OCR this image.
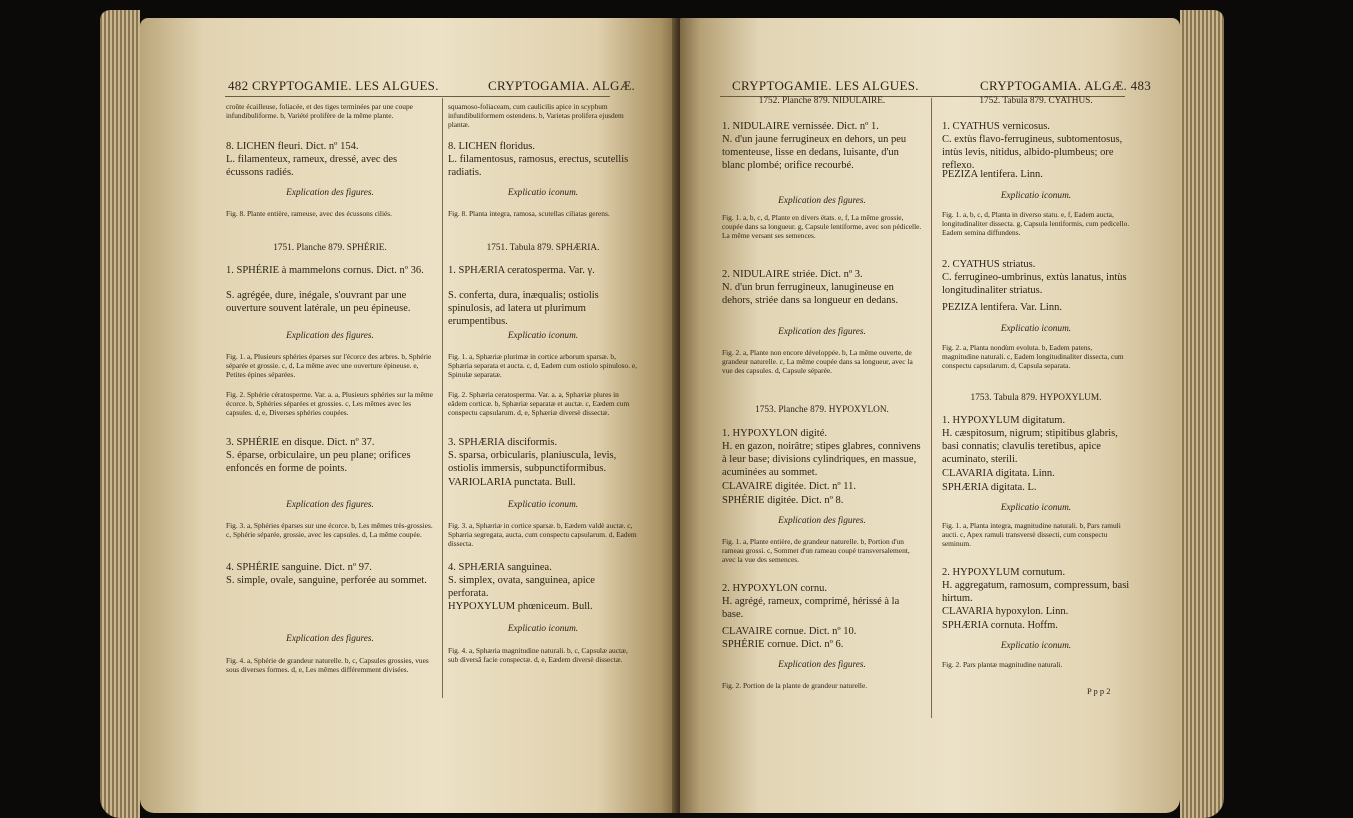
482 CRYPTOGAMIE. LES ALGUES.	CRYPTOGAMIA. ALGÆ.
croûte écailleuse, foliacée, et des tiges terminées par une coupe infundibuliforme. b, Variété prolifère de la même plante.
8. LICHEN fleuri. Dict. nº 154.
L. filamenteux, rameux, dressé, avec des écussons radiés.
Explication des figures.
Fig. 8. Plante entière, rameuse, avec des écussons ciliés.
1751. Planche 879. SPHÉRIE.
1. SPHÉRIE à mammelons cornus. Dict. nº 36.
S. agrégée, dure, inégale, s'ouvrant par une ouverture souvent latérale, un peu épineuse.
Explication des figures.
Fig. 1. a, Plusieurs sphéries éparses sur l'écorce des arbres. b, Sphérie séparée et grossie. c, d, La même avec une ouverture épineuse. e, Petites épines séparées.
Fig. 2. Sphérie cératosperme. Var. a. a, Plusieurs sphéries sur la même écorce. b, Sphéries séparées et grossies. c, Les mêmes avec les capsules. d, e, Diverses sphéries coupées.
3. SPHÉRIE en disque. Dict. nº 37.
S. éparse, orbiculaire, un peu plane; orifices enfoncés en forme de points.
Explication des figures.
Fig. 3. a, Sphéries éparses sur une écorce. b, Les mêmes très-grossies. c, Sphérie séparée, grossie, avec les capsules. d, La même coupée.
4. SPHÉRIE sanguine. Dict. nº 97.
S. simple, ovale, sanguine, perforée au sommet.
Explication des figures.
Fig. 4. a, Sphérie de grandeur naturelle. b, c, Capsules grossies, vues sous diverses formes. d, e, Les mêmes différemment divisées.
squamoso-foliaceam, cum caulicilis apice in scyphum infundibuliformem ostendens. b, Varietas prolifera ejusdem plantæ.
8. LICHEN floridus.
L. filamentosus, ramosus, erectus, scutellis radiatis.
Explicatio iconum.
Fig. 8. Planta integra, ramosa, scutellas ciliatas gerens.
1751. Tabula 879. SPHÆRIA.
1. SPHÆRIA ceratosperma. Var. γ.
S. conferta, dura, inæqualis; ostiolis spinulosis, ad latera ut plurimum erumpentibus.
Explicatio iconum.
Fig. 1. a, Sphæriæ plurimæ in cortice arborum sparsæ. b, Sphæria separata et aucta. c, d, Eadem cum ostiolo spinuloso. e, Spinulæ separatæ.
Fig. 2. Sphæria ceratosperma. Var. a. a, Sphæriæ plures in eâdem corticæ. b, Sphæriæ separatæ et auctæ. c, Eædem cum conspectu capsularum. d, e, Sphæriæ diversè dissectæ.
3. SPHÆRIA disciformis.
S. sparsa, orbicularis, planiuscula, levis, ostiolis immersis, subpunctiformibus.
VARIOLARIA punctata. Bull.
Explicatio iconum.
Fig. 3. a, Sphæriæ in cortice sparsæ. b, Eædem valdè auctæ. c, Sphæria segregata, aucta, cum conspectu capsularum. d, Eadem dissecta.
4. SPHÆRIA sanguinea.
S. simplex, ovata, sanguinea, apice perforata.
HYPOXYLUM phœniceum. Bull.
Explicatio iconum.
Fig. 4. a, Sphæria magnitudine naturali. b, c, Capsulæ auctæ, sub diversâ facie conspectæ. d, e, Eædem diversè dissectæ.
CRYPTOGAMIE. LES ALGUES.	CRYPTOGAMIA. ALGÆ. 483
1752. Planche 879. NIDULAIRE.
1. NIDULAIRE vernissée. Dict. nº 1.
N. d'un jaune ferrugineux en dehors, un peu tomenteuse, lisse en dedans, luisante, d'un blanc plombé; orifice recourbé.
Explication des figures.
Fig. 1. a, b, c, d, Plante en divers états. e, f, La même grossie, coupée dans sa longueur. g, Capsule lentiforme, avec son pédicelle. La même versant ses semences.
2. NIDULAIRE striée. Dict. nº 3.
N. d'un brun ferrugineux, lanugineuse en dehors, striée dans sa longueur en dedans.
Explication des figures.
Fig. 2. a, Plante non encore développée. b, La même ouverte, de grandeur naturelle. c, La même coupée dans sa longueur, avec la vue des capsules. d, Capsule séparée.
1753. Planche 879. HYPOXYLON.
1. HYPOXYLON digité.
H. en gazon, noirâtre; stipes glabres, connivens à leur base; divisions cylindriques, en massue, acuminées au sommet.
CLAVAIRE digitée. Dict. nº 11.
SPHÉRIE digitée. Dict. nº 8.
Explication des figures.
Fig. 1. a, Plante entière, de grandeur naturelle. b, Portion d'un rameau grossi. c, Sommet d'un rameau coupé transversalement, avec la vue des semences.
2. HYPOXYLON cornu.
H. agrégé, rameux, comprimé, hérissé à la base.
CLAVAIRE cornue. Dict. nº 10.
SPHÉRIE cornue. Dict. nº 6.
Explication des figures.
Fig. 2. Portion de la plante de grandeur naturelle.
1752. Tabula 879. CYATHUS.
1. CYATHUS vernicosus.
C. extùs flavo-ferrugineus, subtomentosus, intùs levis, nitidus, albido-plumbeus; ore reflexo.
PEZIZA lentifera. Linn.
Explicatio iconum.
Fig. 1. a, b, c, d, Planta in diverso statu. e, f, Eadem aucta, longitudinaliter dissecta. g, Capsula lentiformis, cum pedicello. Eadem semina diffundens.
2. CYATHUS striatus.
C. ferrugineo-umbrinus, extùs lanatus, intùs longitudinaliter striatus.
PEZIZA lentifera. Var. Linn.
Explicatio iconum.
Fig. 2. a, Planta nondùm evoluta. b, Eadem patens, magnitudine naturali. c, Eadem longitudinaliter dissecta, cum conspectu capsularum. d, Capsula separata.
1753. Tabula 879. HYPOXYLUM.
1. HYPOXYLUM digitatum.
H. cæspitosum, nigrum; stipitibus glabris, basi connatis; clavulis teretibus, apice acuminato, sterili.
CLAVARIA digitata. Linn.
SPHÆRIA digitata. L.
Explicatio iconum.
Fig. 1. a, Planta integra, magnitudine naturali. b, Pars ramuli aucti. c, Apex ramuli transversè dissecti, cum conspectu seminum.
2. HYPOXYLUM cornutum.
H. aggregatum, ramosum, compressum, basi hirtum.
CLAVARIA hypoxylon. Linn.
SPHÆRIA cornuta. Hoffm.
Explicatio iconum.
Fig. 2. Pars plantæ magnitudine naturali.
P p p 2
